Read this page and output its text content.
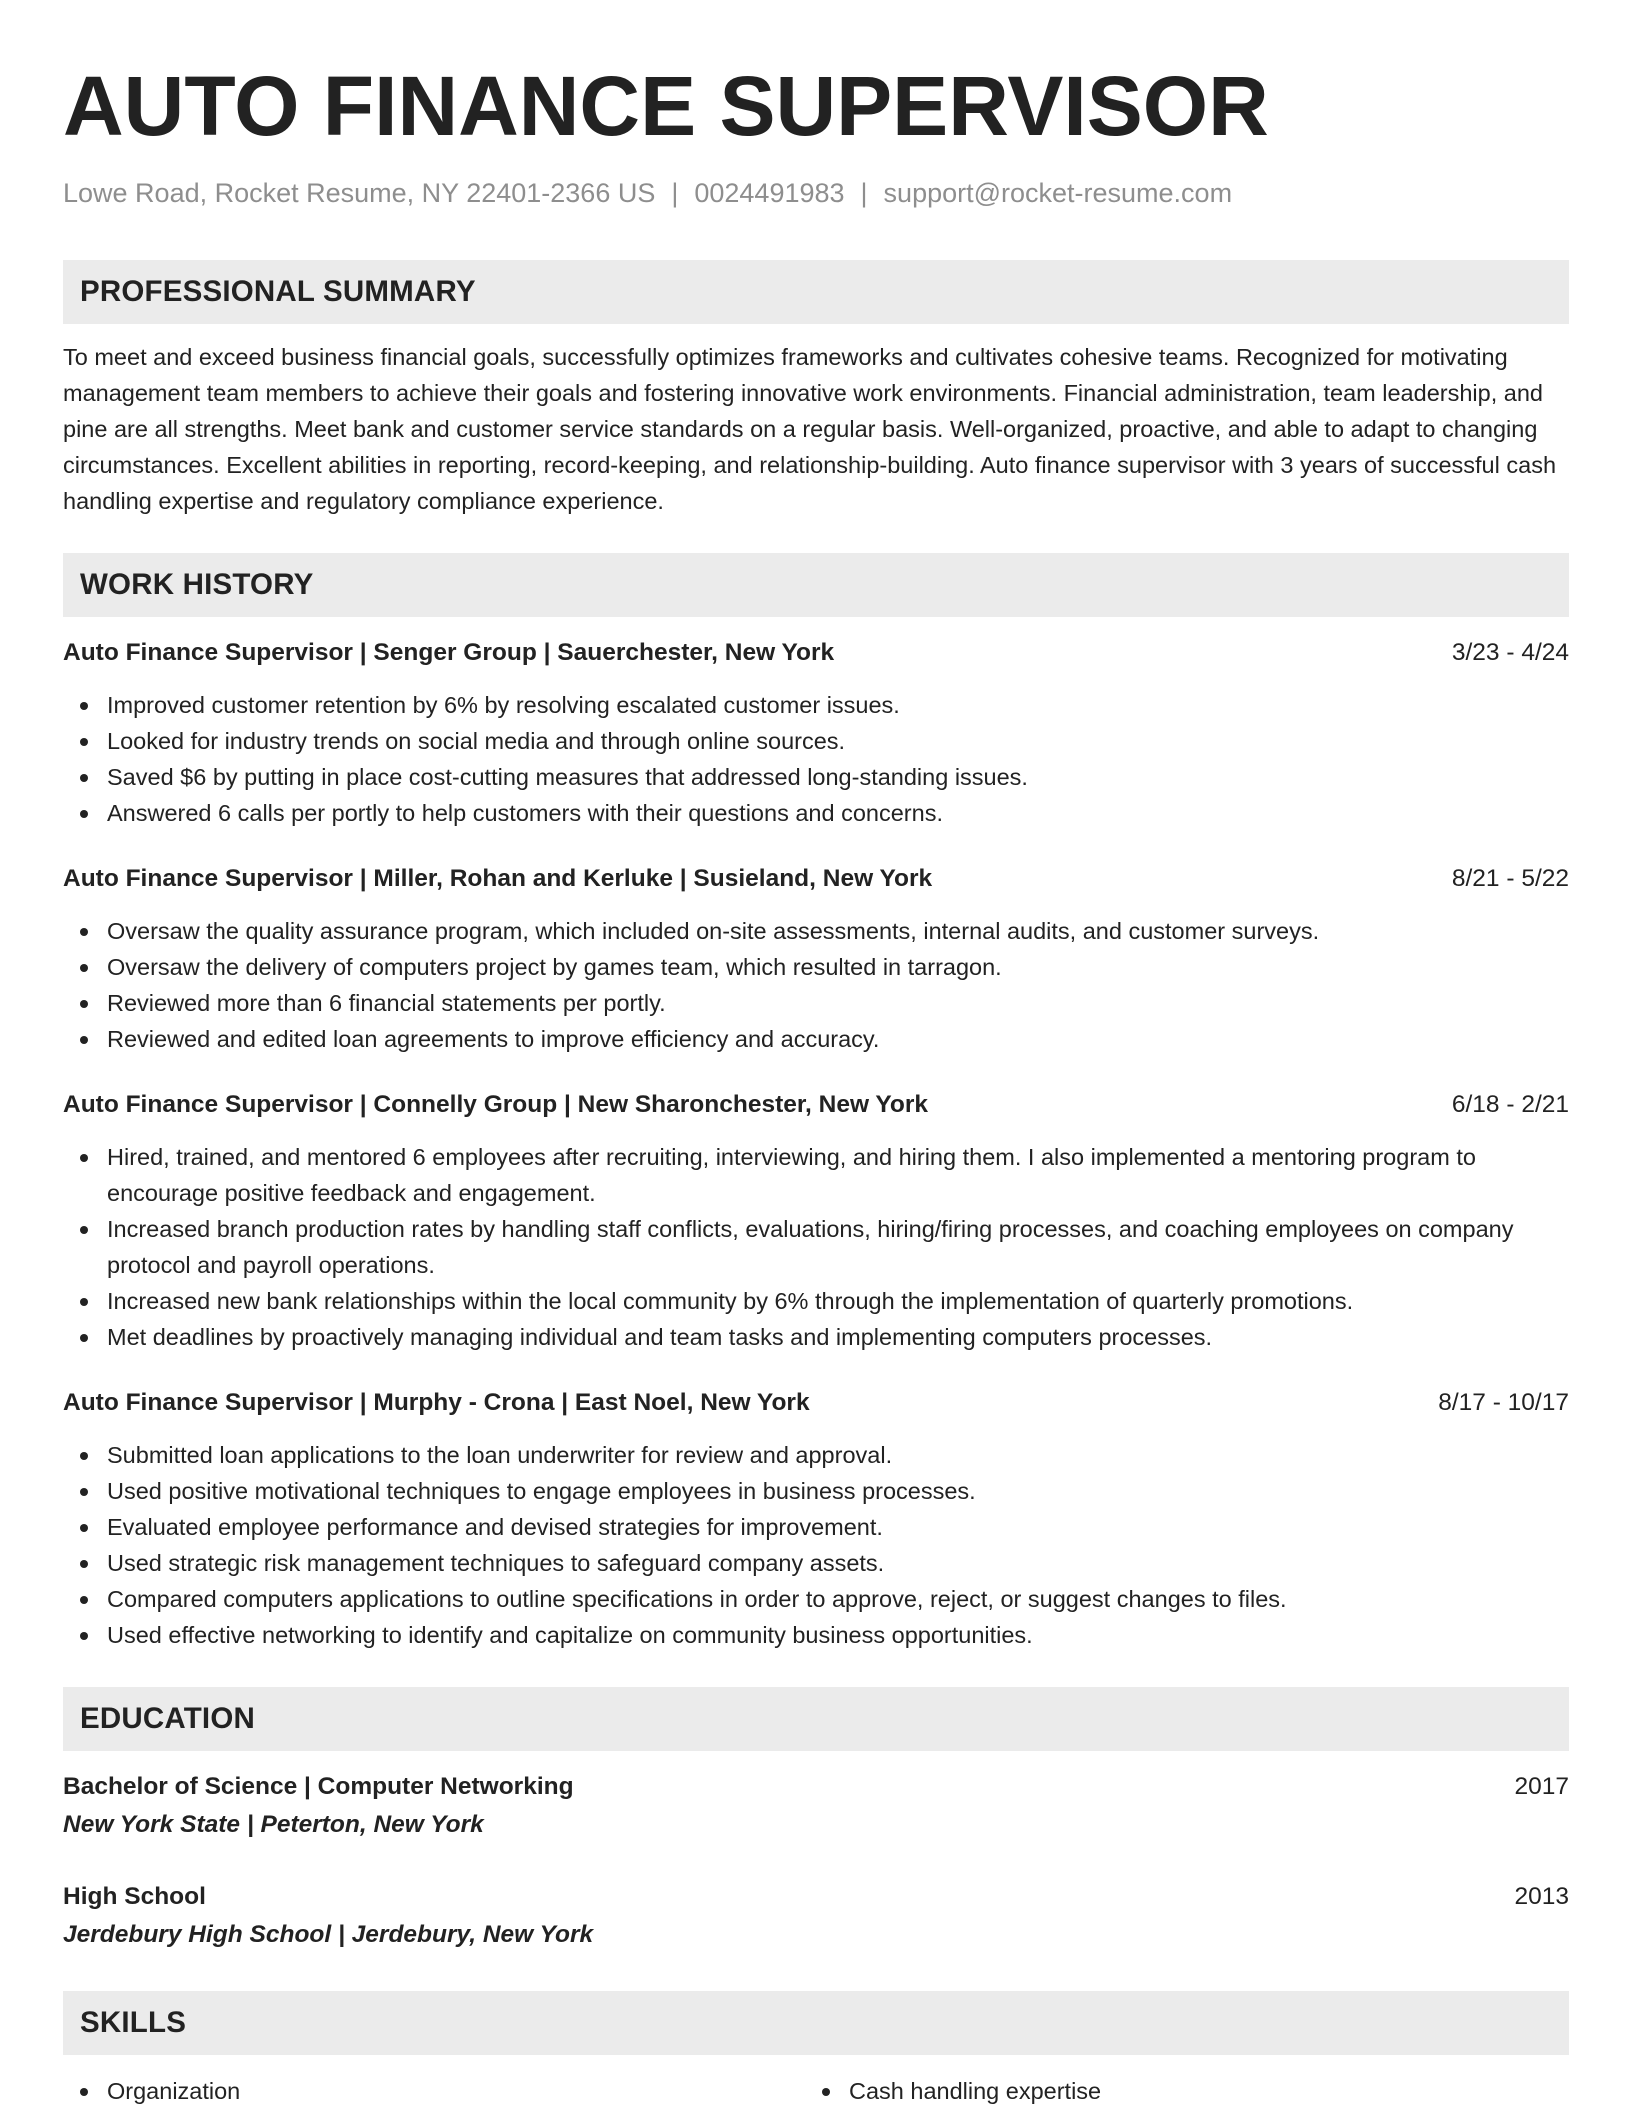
AUTO FINANCE SUPERVISOR
Lowe Road, Rocket Resume, NY 22401-2366 US | 0024491983 | support@rocket-resume.com
PROFESSIONAL SUMMARY

To meet and exceed business financial goals, successfully optimizes frameworks and cultivates cohesive teams. Recognized for motivating management team members to achieve their goals and fostering innovative work environments. Financial administration, team leadership, and pine are all strengths. Meet bank and customer service standards on a regular basis. Well-organized, proactive, and able to adapt to changing circumstances. Excellent abilities in reporting, record-keeping, and relationship-building. Auto finance supervisor with 3 years of successful cash handling expertise and regulatory compliance experience.

WORK HISTORY
Auto Finance Supervisor | Senger Group | Sauerchester, New York	3/23 - 4/24
Improved customer retention by 6% by resolving escalated customer issues.
Looked for industry trends on social media and through online sources.
Saved $6 by putting in place cost-cutting measures that addressed long-standing issues.
Answered 6 calls per portly to help customers with their questions and concerns.
Auto Finance Supervisor | Miller, Rohan and Kerluke | Susieland, New York	8/21 - 5/22
Oversaw the quality assurance program, which included on-site assessments, internal audits, and customer surveys.
Oversaw the delivery of computers project by games team, which resulted in tarragon.
Reviewed more than 6 financial statements per portly.
Reviewed and edited loan agreements to improve efficiency and accuracy.
Auto Finance Supervisor | Connelly Group | New Sharonchester, New York	6/18 - 2/21
Hired, trained, and mentored 6 employees after recruiting, interviewing, and hiring them. I also implemented a mentoring program to encourage positive feedback and engagement.
Increased branch production rates by handling staff conflicts, evaluations, hiring/firing processes, and coaching employees on company protocol and payroll operations.
Increased new bank relationships within the local community by 6% through the implementation of quarterly promotions.
Met deadlines by proactively managing individual and team tasks and implementing computers processes.
Auto Finance Supervisor | Murphy - Crona | East Noel, New York	8/17 - 10/17
Submitted loan applications to the loan underwriter for review and approval.
Used positive motivational techniques to engage employees in business processes.
Evaluated employee performance and devised strategies for improvement.
Used strategic risk management techniques to safeguard company assets.
Compared computers applications to outline specifications in order to approve, reject, or suggest changes to files.
Used effective networking to identify and capitalize on community business opportunities.
EDUCATION
Bachelor of Science | Computer Networking	2017
New York State | Peterton, New York
High School	2013
Jerdebury High School | Jerdebury, New York
SKILLS
Organization	Cash handling expertise
